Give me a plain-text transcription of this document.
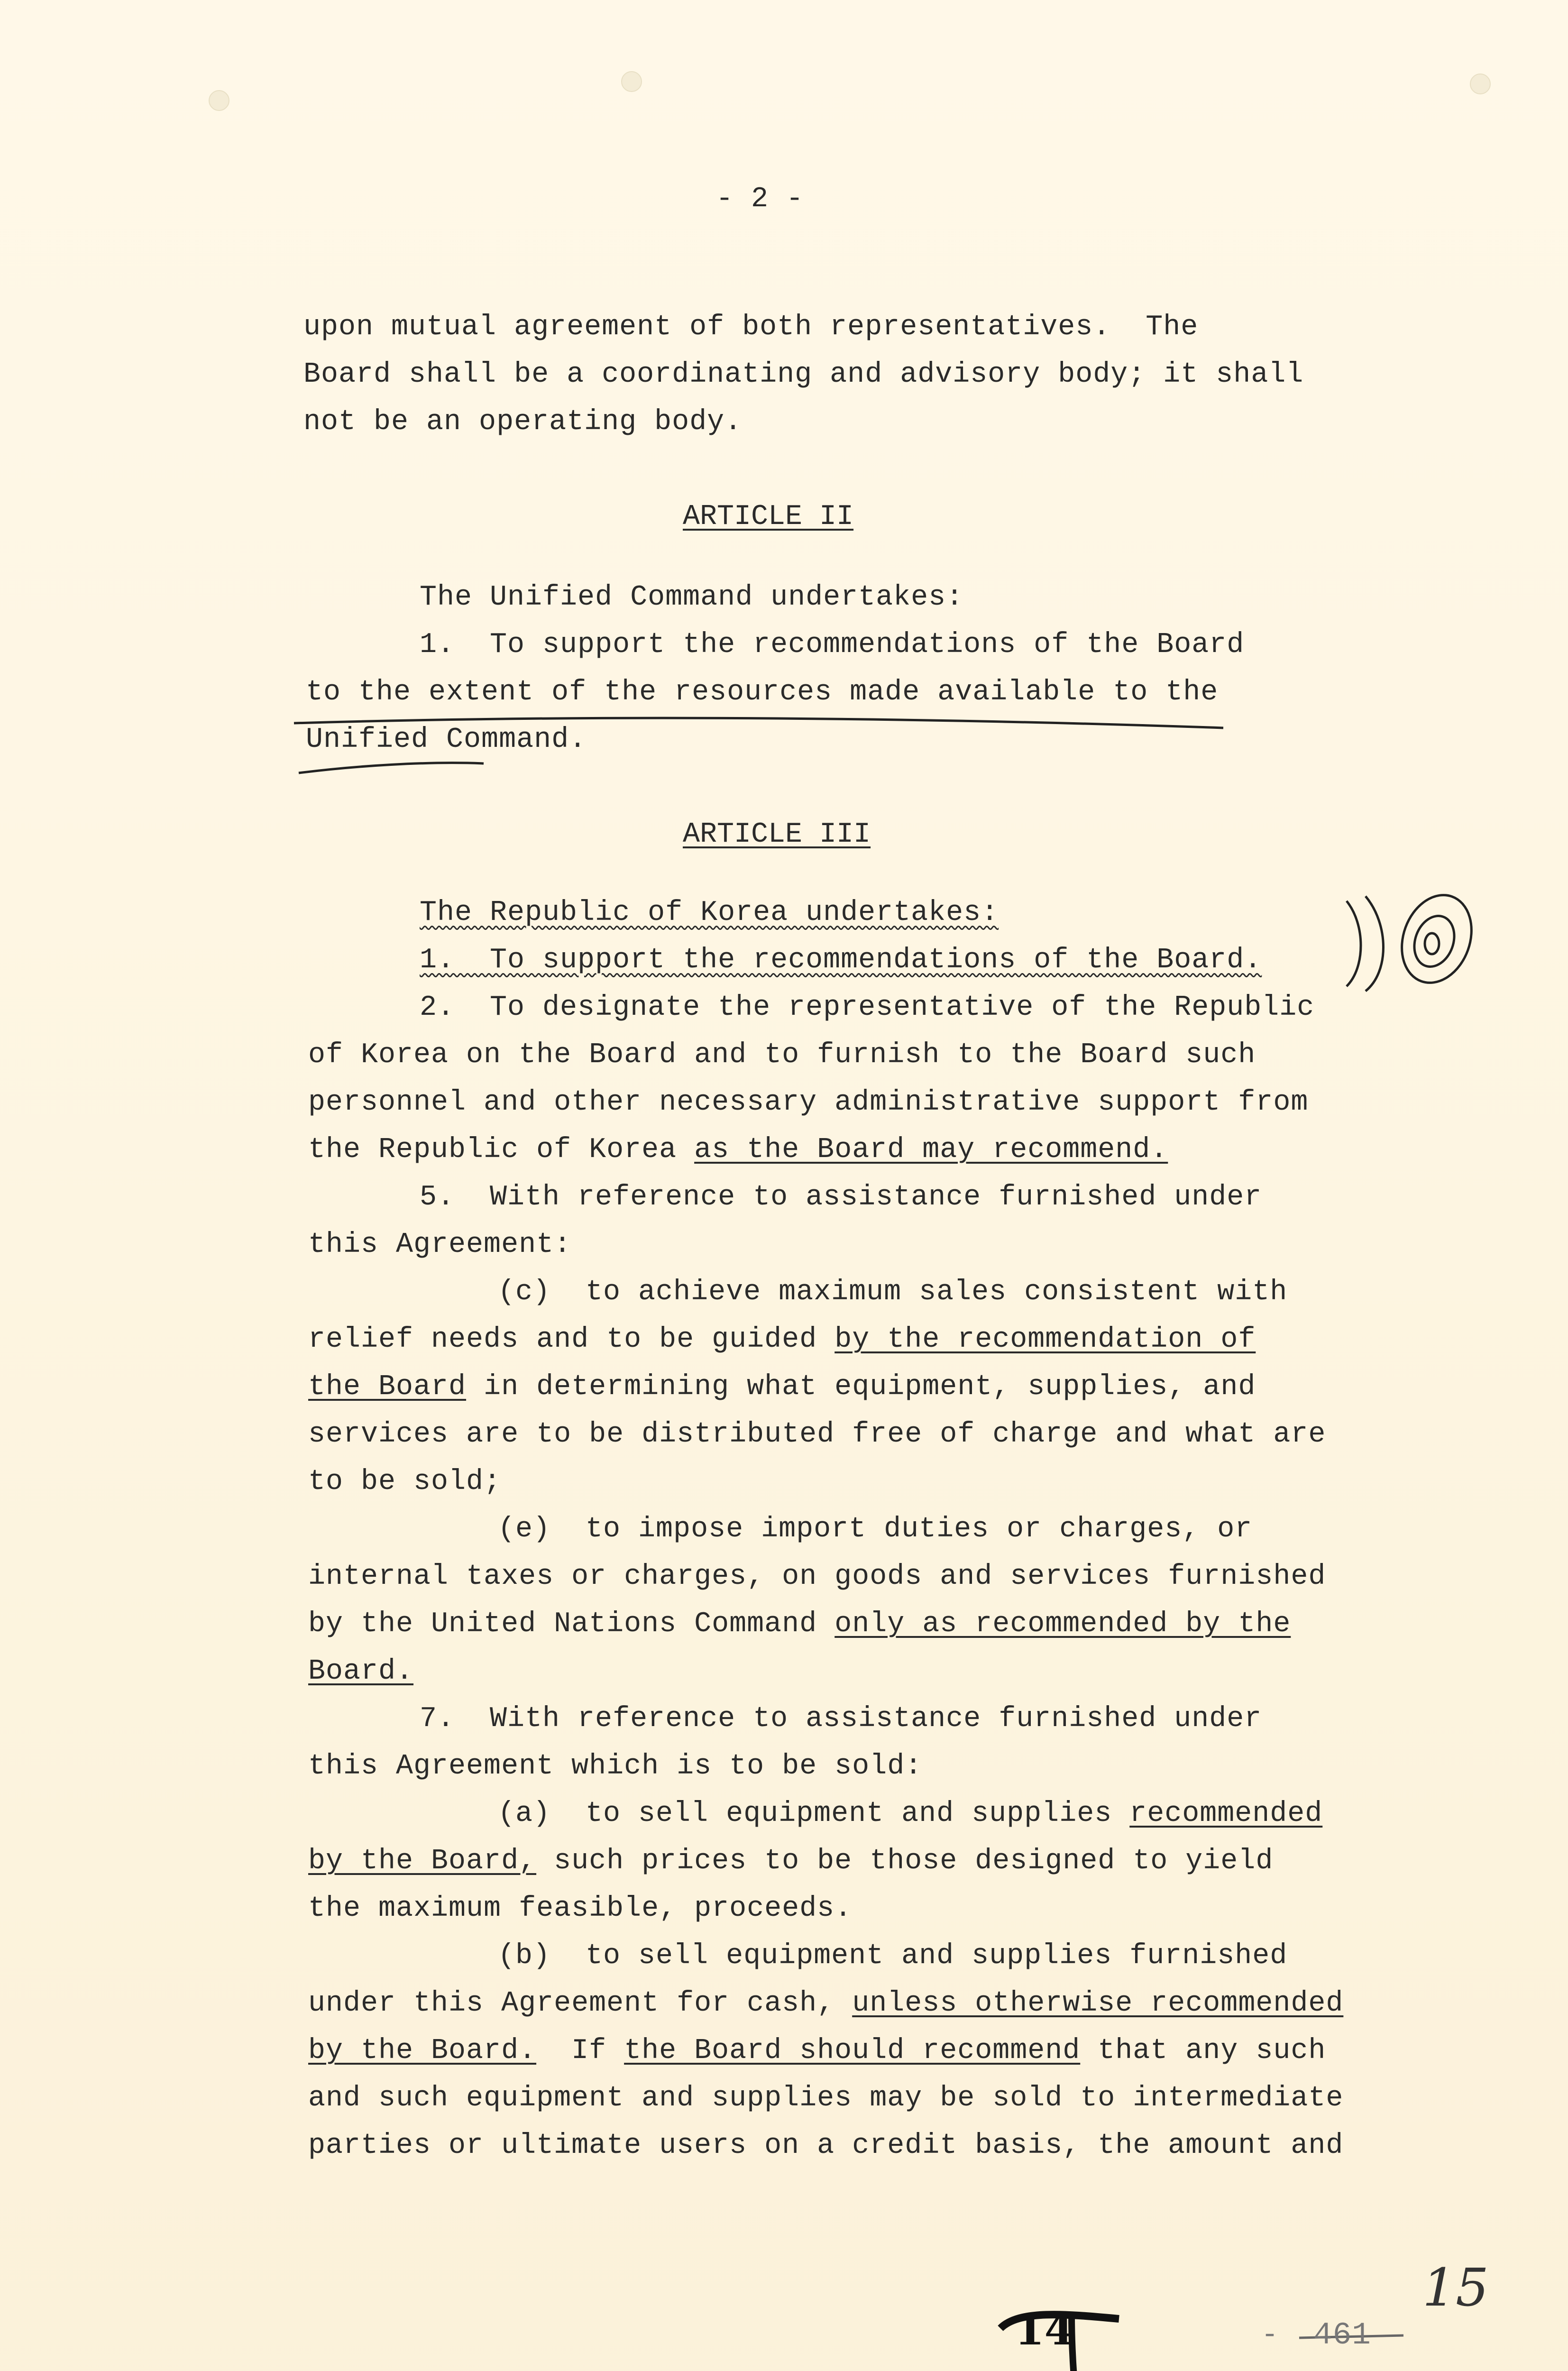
- 2 -
upon mutual agreement of both representatives.  The
Board shall be a coordinating and advisory body; it shall
not be an operating body.
ARTICLE II
The Unified Command undertakes:
1.  To support the recommendations of the Board
to the extent of the resources made available to the
Unified Command.
ARTICLE III
The Republic of Korea undertakes:
1.  To support the recommendations of the Board.
2.  To designate the representative of the Republic
of Korea on the Board and to furnish to the Board such
personnel and other necessary administrative support from
the Republic of Korea as the Board may recommend.
5.  With reference to assistance furnished under
this Agreement:
(c)  to achieve maximum sales consistent with
relief needs and to be guided by the recommendation of
the Board in determining what equipment, supplies, and
services are to be distributed free of charge and what are
to be sold;
(e)  to impose import duties or charges, or
internal taxes or charges, on goods and services furnished
by the United Nations Command only as recommended by the
Board.
7.  With reference to assistance furnished under
this Agreement which is to be sold:
(a)  to sell equipment and supplies recommended
by the Board, such prices to be those designed to yield
the maximum feasible, proceeds.
(b)  to sell equipment and supplies furnished
under this Agreement for cash, unless otherwise recommended
by the Board.  If the Board should recommend that any such
and such equipment and supplies may be sold to intermediate
parties or ultimate users on a credit basis, the amount and
15
14	461
-
